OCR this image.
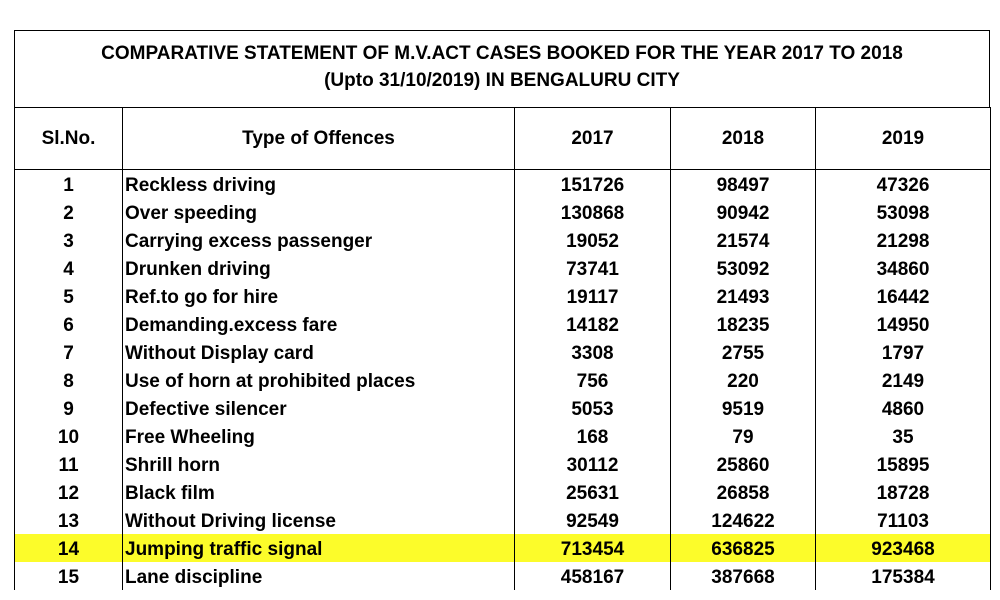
COMPARATIVE STATEMENT OF M.V.ACT CASES BOOKED FOR THE YEAR 2017 TO 2018
(Upto 31/10/2019) IN BENGALURU CITY
Sl.No.	Type of Offences	2017	2018	2019
1	Reckless driving	151726	98497	47326
2	Over speeding	130868	90942	53098
3	Carrying excess passenger	19052	21574	21298
4	Drunken driving	73741	53092	34860
5	Ref.to go for hire	19117	21493	16442
6	Demanding.excess fare	14182	18235	14950
7	Without Display card	3308	2755	1797
8	Use of horn at prohibited places	756	220	2149
9	Defective silencer	5053	9519	4860
10	Free Wheeling	168	79	35
11	Shrill horn	30112	25860	15895
12	Black film	25631	26858	18728
13	Without Driving license	92549	124622	71103
14	Jumping traffic signal	713454	636825	923468
15	Lane discipline	458167	387668	175384
